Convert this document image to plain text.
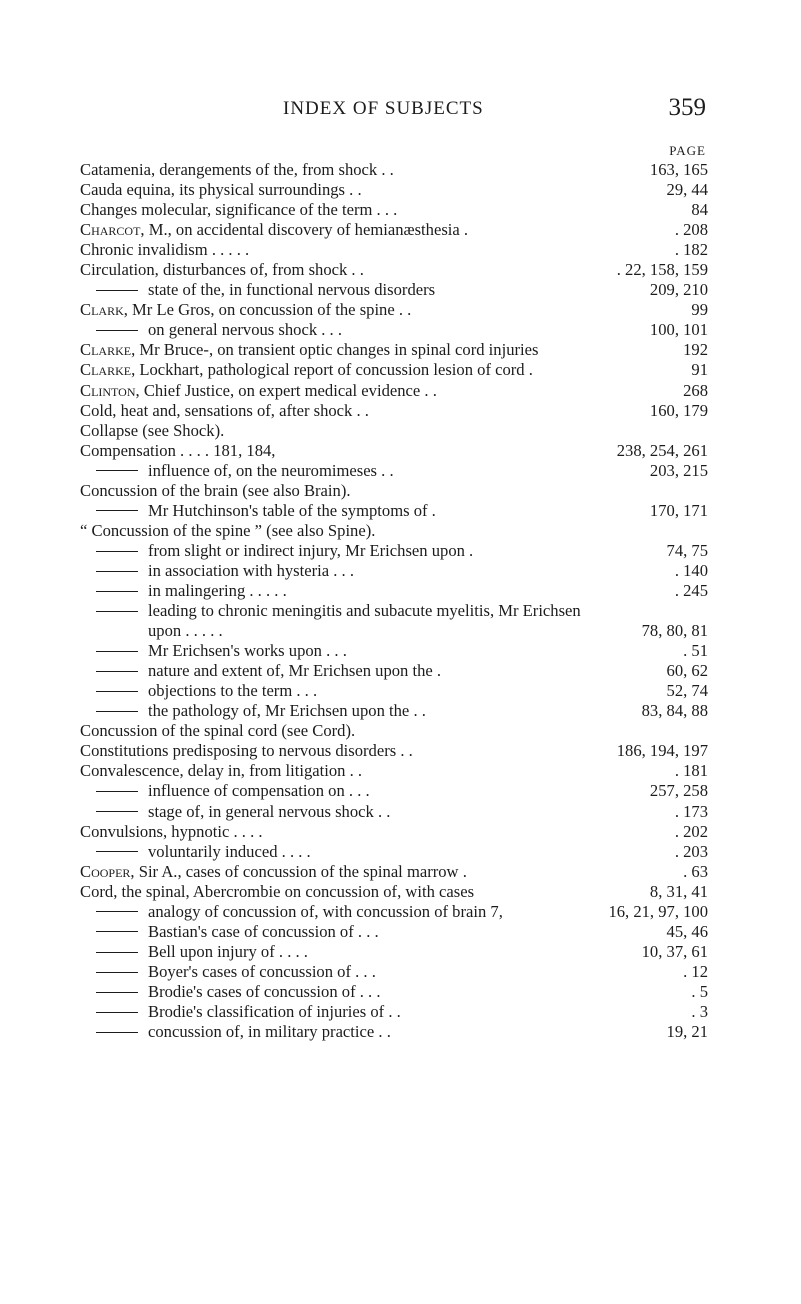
INDEX OF SUBJECTS	359
PAGE
Catamenia, derangements of the, from shock . .	163, 165
Cauda equina, its physical surroundings . .	29, 44
Changes molecular, significance of the term . . .	84
Charcot, M., on accidental discovery of hemianæsthesia .	. 208
Chronic invalidism . . . . .	. 182
Circulation, disturbances of, from shock . .	. 22, 158, 159
state of the, in functional nervous disorders	209, 210
Clark, Mr Le Gros, on concussion of the spine . .	99
on general nervous shock . . .	100, 101
Clarke, Mr Bruce-, on transient optic changes in spinal cord injuries	192
Clarke, Lockhart, pathological report of concussion lesion of cord .	91
Clinton, Chief Justice, on expert medical evidence . .	268
Cold, heat and, sensations of, after shock . .	160, 179
Collapse (see Shock).
Compensation . . . . 181, 184,	238, 254, 261
influence of, on the neuromimeses . .	203, 215
Concussion of the brain (see also Brain).
Mr Hutchinson's table of the symptoms of .	170, 171
“ Concussion of the spine ” (see also Spine).
from slight or indirect injury, Mr Erichsen upon .	74, 75
in association with hysteria . . .	. 140
in malingering . . . . .	. 245
leading to chronic meningitis and subacute myelitis, Mr Erichsen
upon . . . . .	78, 80, 81
Mr Erichsen's works upon . . .	. 51
nature and extent of, Mr Erichsen upon the .	60, 62
objections to the term . . .	52, 74
the pathology of, Mr Erichsen upon the . .	83, 84, 88
Concussion of the spinal cord (see Cord).
Constitutions predisposing to nervous disorders . .	186, 194, 197
Convalescence, delay in, from litigation . .	. 181
influence of compensation on . . .	257, 258
stage of, in general nervous shock . .	. 173
Convulsions, hypnotic . . . .	. 202
voluntarily induced . . . .	. 203
Cooper, Sir A., cases of concussion of the spinal marrow .	. 63
Cord, the spinal, Abercrombie on concussion of, with cases	8, 31, 41
analogy of concussion of, with concussion of brain 7,	16, 21, 97, 100
Bastian's case of concussion of . . .	45, 46
Bell upon injury of . . . .	10, 37, 61
Boyer's cases of concussion of . . .	. 12
Brodie's cases of concussion of . . .	. 5
Brodie's classification of injuries of . .	. 3
concussion of, in military practice . .	19, 21
